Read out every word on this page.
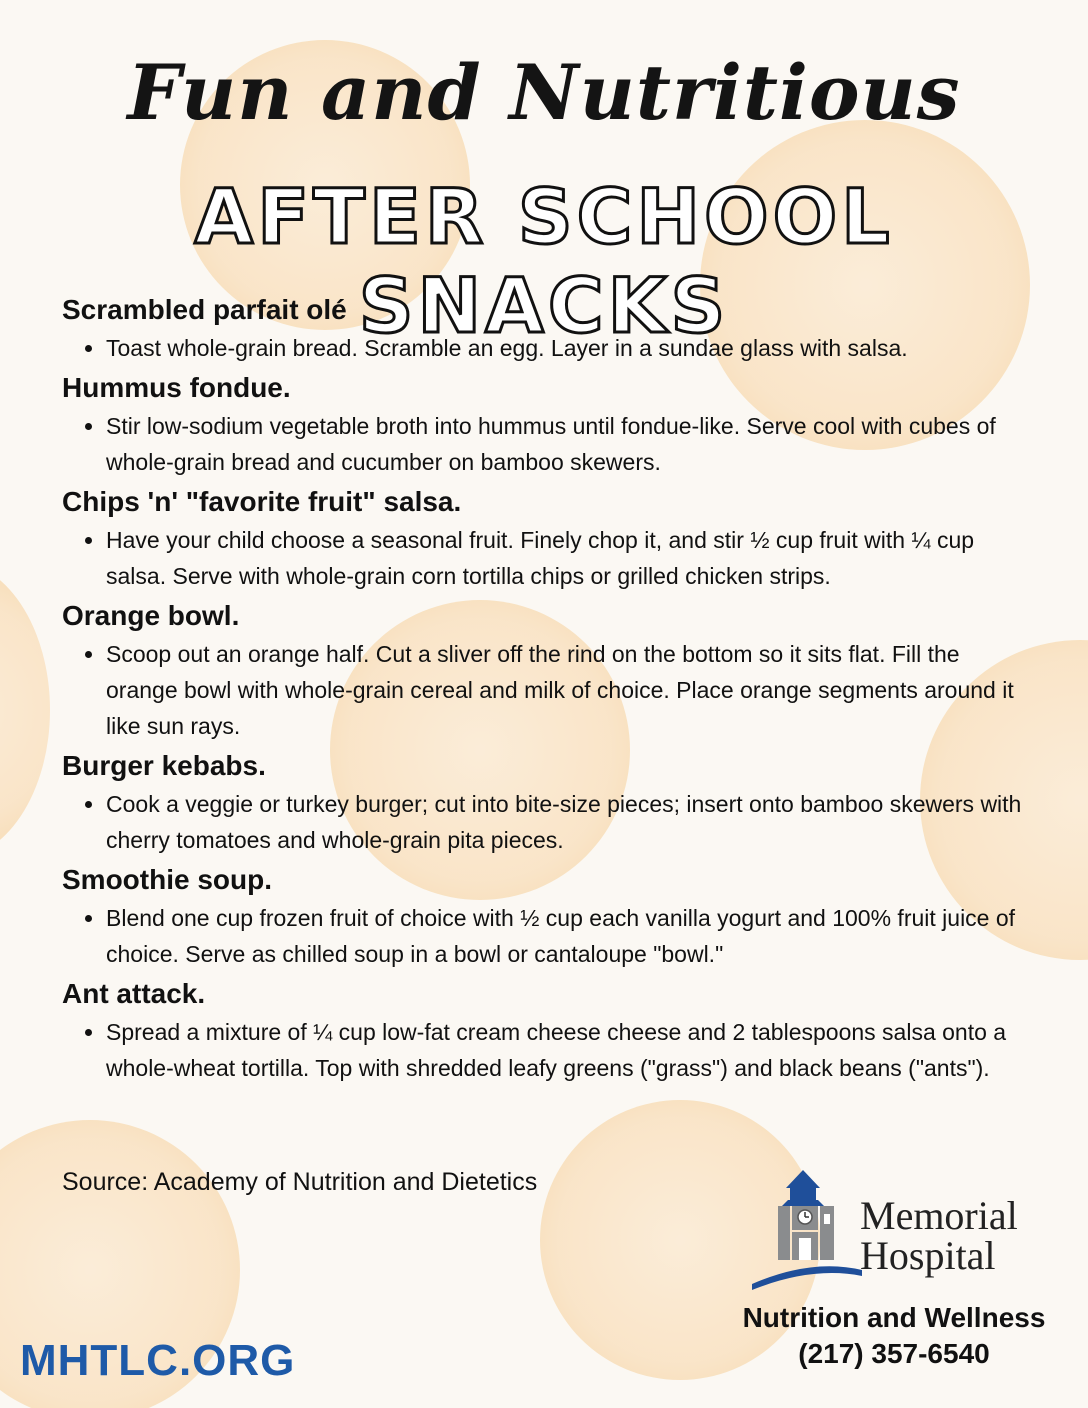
Fun and Nutritious
AFTER SCHOOL SNACKS
Scrambled parfait olé
• Toast whole-grain bread. Scramble an egg. Layer in a sundae glass with salsa.
Hummus fondue.
• Stir low-sodium vegetable broth into hummus until fondue-like. Serve cool with cubes of whole-grain bread and cucumber on bamboo skewers.
Chips 'n' "favorite fruit" salsa.
• Have your child choose a seasonal fruit. Finely chop it, and stir ½ cup fruit with ¼ cup salsa. Serve with whole-grain corn tortilla chips or grilled chicken strips.
Orange bowl.
• Scoop out an orange half. Cut a sliver off the rind on the bottom so it sits flat. Fill the orange bowl with whole-grain cereal and milk of choice. Place orange segments around it like sun rays.
Burger kebabs.
• Cook a veggie or turkey burger; cut into bite-size pieces; insert onto bamboo skewers with cherry tomatoes and whole-grain pita pieces.
Smoothie soup.
• Blend one cup frozen fruit of choice with ½ cup each vanilla yogurt and 100% fruit juice of choice. Serve as chilled soup in a bowl or cantaloupe "bowl."
Ant attack.
• Spread a mixture of ¼ cup low-fat cream cheese cheese and 2 tablespoons salsa onto a whole-wheat tortilla. Top with shredded leafy greens ("grass") and black beans ("ants").
Source: Academy of Nutrition and Dietetics
MHTLC.ORG
Memorial
Hospital
Nutrition and Wellness
(217) 357-6540
